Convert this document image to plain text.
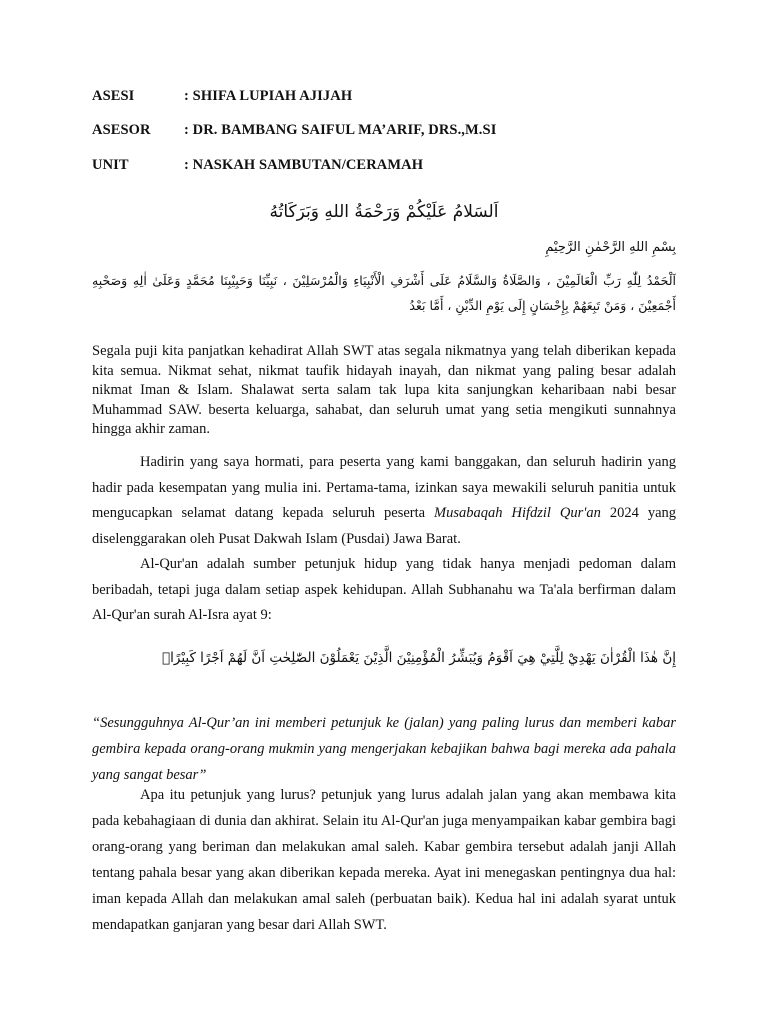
ASESI	: SHIFA LUPIAH AJIJAH
ASESOR : DR. BAMBANG SAIFUL MA’ARIF, DRS.,M.SI
UNIT	: NASKAH SAMBUTAN/CERAMAH
اَلسَلامُ عَلَيْكُمْ وَرَحْمَةُ اللهِ وَبَرَكَاتُهُ
بِسْمِ اللهِ الرَّحْمٰنِ الرَّحِيْمِ
اَلْحَمْدُ لِلّٰهِ رَبِّ الْعَالَمِيْنَ ، وَالصَّلَاةُ وَالسَّلَامُ عَلَى أَشْرَفِ الْأَنْبِيَاءِ وَالْمُرْسَلِيْنَ ، نَبِيِّنَا وَحَبِيْبِنَا مُحَمَّدٍ وَعَلَىٰ اٰلِهِ وَصَحْبِهِ أَجْمَعِيْنَ ، وَمَنْ تَبِعَهُمْ بِإِحْسَانٍ إِلَى يَوْمِ الدِّيْنِ ، أَمَّا بَعْدُ

Segala puji kita panjatkan kehadirat Allah SWT atas segala nikmatnya yang telah diberikan kepada kita semua. Nikmat sehat, nikmat taufik hidayah inayah, dan nikmat yang paling besar adalah nikmat Iman & Islam. Shalawat serta salam tak lupa kita sanjungkan keharibaan nabi besar Muhammad SAW. beserta keluarga, sahabat, dan seluruh umat yang setia mengikuti sunnahnya hingga akhir zaman.

Hadirin yang saya hormati, para peserta yang kami banggakan, dan seluruh hadirin yang hadir pada kesempatan yang mulia ini. Pertama-tama, izinkan saya mewakili seluruh panitia untuk mengucapkan selamat datang kepada seluruh peserta Musabaqah Hifdzil Qur'an 2024 yang diselenggarakan oleh Pusat Dakwah Islam (Pusdai) Jawa Barat.

Al-Qur'an adalah sumber petunjuk hidup yang tidak hanya menjadi pedoman dalam beribadah, tetapi juga dalam setiap aspek kehidupan. Allah Subhanahu wa Ta'ala berfirman dalam Al-Qur'an surah Al-Isra ayat 9:

إِنَّ هٰذَا الْقُرْاٰنَ يَهْدِيْ لِلَّتِيْ هِيَ اَقْوَمُ وَيُبَشِّرُ الْمُؤْمِنِيْنَ الَّذِيْنَ يَعْمَلُوْنَ الصّٰلِحٰتِ اَنَّ لَهُمْ اَجْرًا كَبِيْرًاۙ

“Sesungguhnya Al-Qur’an ini memberi petunjuk ke (jalan) yang paling lurus dan memberi kabar gembira kepada orang-orang mukmin yang mengerjakan kebajikan bahwa bagi mereka ada pahala yang sangat besar”

Apa itu petunjuk yang lurus? petunjuk yang lurus adalah jalan yang akan membawa kita pada kebahagiaan di dunia dan akhirat. Selain itu Al-Qur'an juga menyampaikan kabar gembira bagi orang-orang yang beriman dan melakukan amal saleh. Kabar gembira tersebut adalah janji Allah tentang pahala besar yang akan diberikan kepada mereka. Ayat ini menegaskan pentingnya dua hal: iman kepada Allah dan melakukan amal saleh (perbuatan baik). Kedua hal ini adalah syarat untuk mendapatkan ganjaran yang besar dari Allah SWT.
